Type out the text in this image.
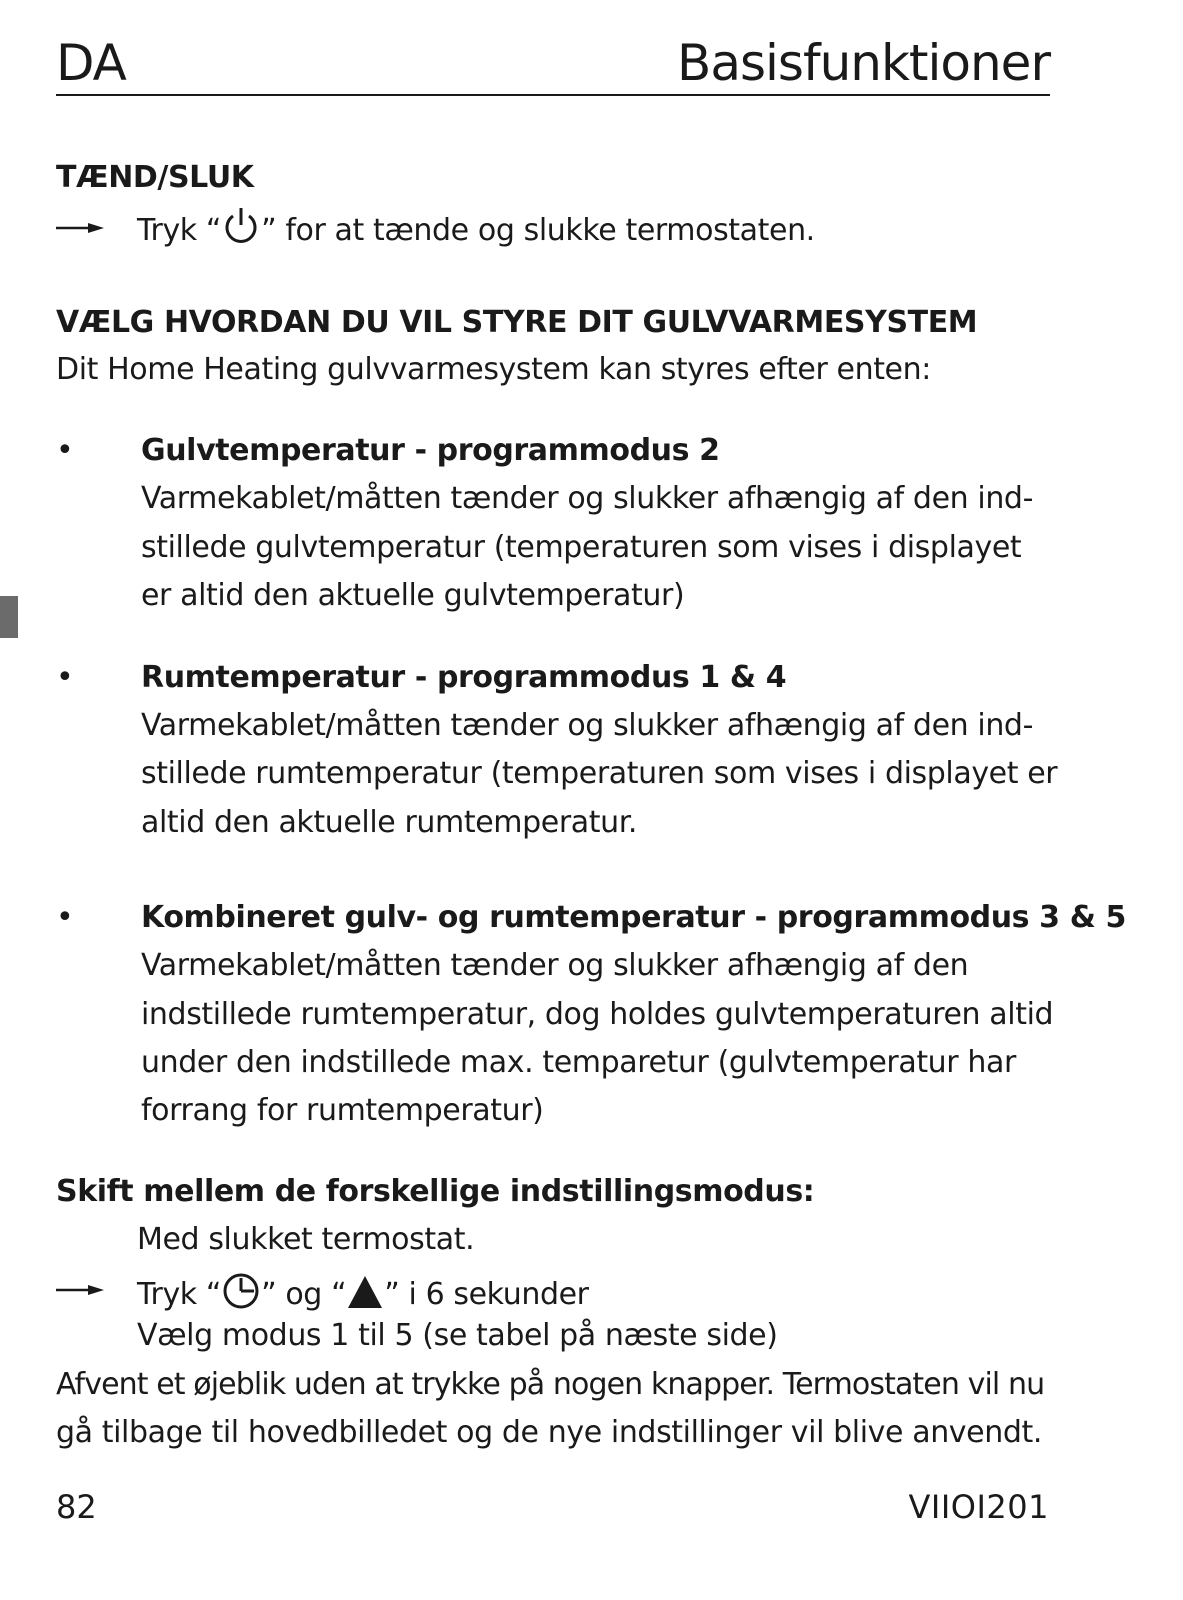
DA	Basisfunktioner
TÆND/SLUK
Tryk “ ” for at tænde og slukke termostaten.
VÆLG HVORDAN DU VIL STYRE DIT GULVVARMESYSTEM
Dit Home Heating gulvvarmesystem kan styres efter enten:
• Gulvtemperatur - programmodus 2
Varmekablet/måtten tænder og slukker afhængig af den ind-
stillede gulvtemperatur (temperaturen som vises i displayet
er altid den aktuelle gulvtemperatur)
• Rumtemperatur - programmodus 1 & 4
Varmekablet/måtten tænder og slukker afhængig af den ind-
stillede rumtemperatur (temperaturen som vises i displayet er
altid den aktuelle rumtemperatur.
• Kombineret gulv- og rumtemperatur - programmodus 3 & 5
Varmekablet/måtten tænder og slukker afhængig af den
indstillede rumtemperatur, dog holdes gulvtemperaturen altid
under den indstillede max. temparetur (gulvtemperatur har
forrang for rumtemperatur)
Skift mellem de forskellige indstillingsmodus:
Med slukket termostat.
Tryk “ ” og “ ” i 6 sekunder
Vælg modus 1 til 5 (se tabel på næste side)
Afvent et øjeblik uden at trykke på nogen knapper. Termostaten vil nu
gå tilbage til hovedbilledet og de nye indstillinger vil blive anvendt.
82	VIIOI201
